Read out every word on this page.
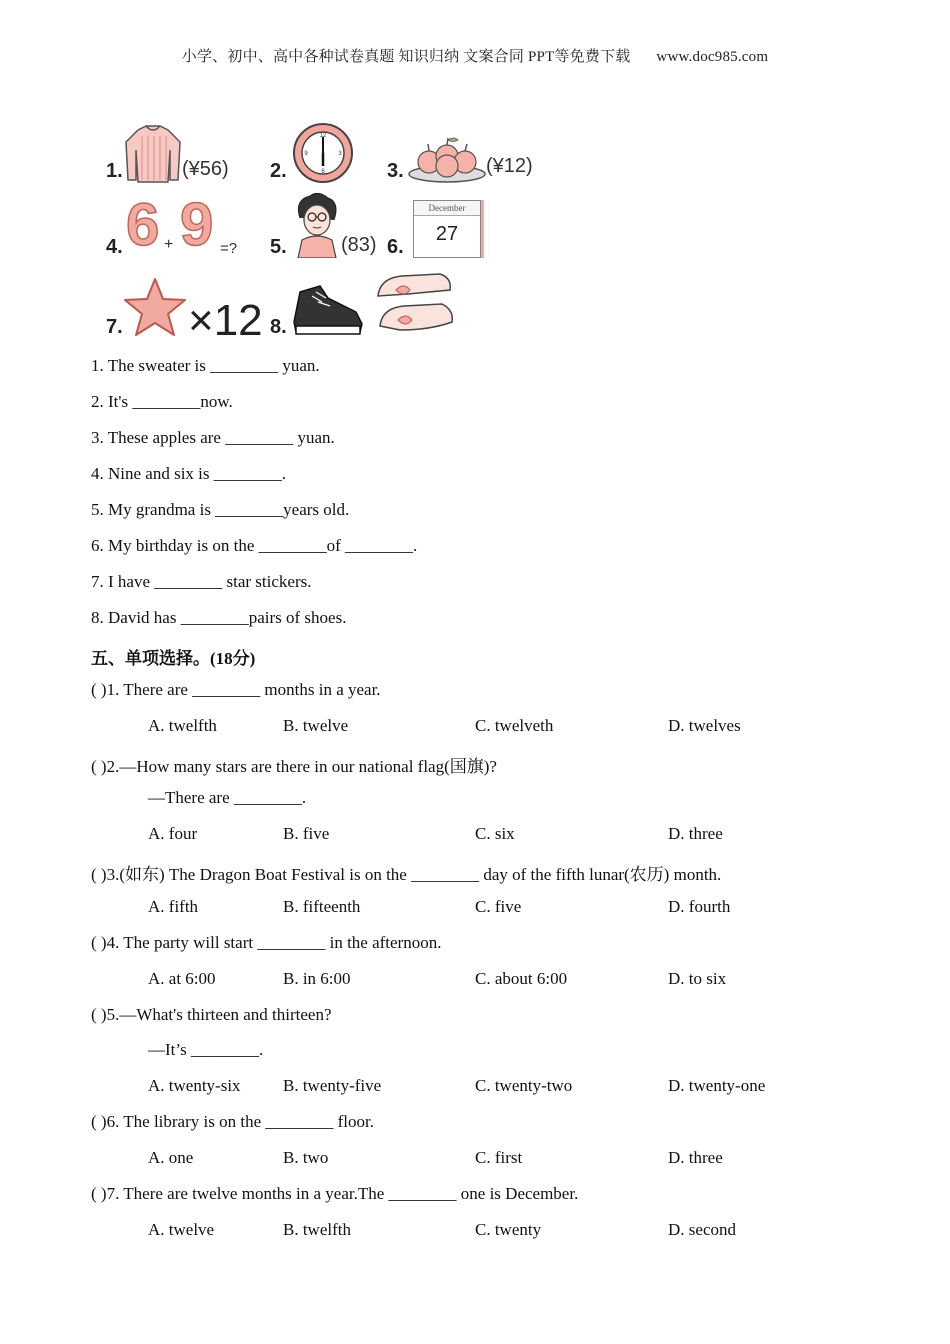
小学、初中、高中各种试卷真题 知识归纳 文案合同 PPT等免费下载 www.doc985.com
1.	(¥56) 2.
12
3
6
9
3.	(¥12)
4. 6 + 9 =? 5.	(83) 6.
December
27
7. ×12 8.
1. The sweater is ________ yuan.
2. It's ________now.
3. These apples are ________ yuan.
4. Nine and six is ________.
5. My grandma is ________years old.
6. My birthday is on the ________of ________.
7. I have ________ star stickers.
8. David has ________pairs of shoes.
五、单项选择。(18分)
( )1. There are ________ months in a year.
A. twelfth	B. twelve	C. twelveth	D. twelves
( )2.—How many stars are there in our national flag(国旗)?
—There are ________.
A. four	B. five	C. six	D. three
( )3.(如东) The Dragon Boat Festival is on the ________ day of the fifth lunar(农历) month.
A. fifth	B. fifteenth	C. five	D. fourth
( )4. The party will start ________ in the afternoon.
A. at 6:00	B. in 6:00	C. about 6:00	D. to six
( )5.—What's thirteen and thirteen?
—It’s ________.
A. twenty-six B. twenty-five	C. twenty-two	D. twenty-one
( )6. The library is on the ________ floor.
A. one	B. two	C. first	D. three
( )7. There are twelve months in a year.The ________ one is December.
A. twelve	B. twelfth	C. twenty	D. second
